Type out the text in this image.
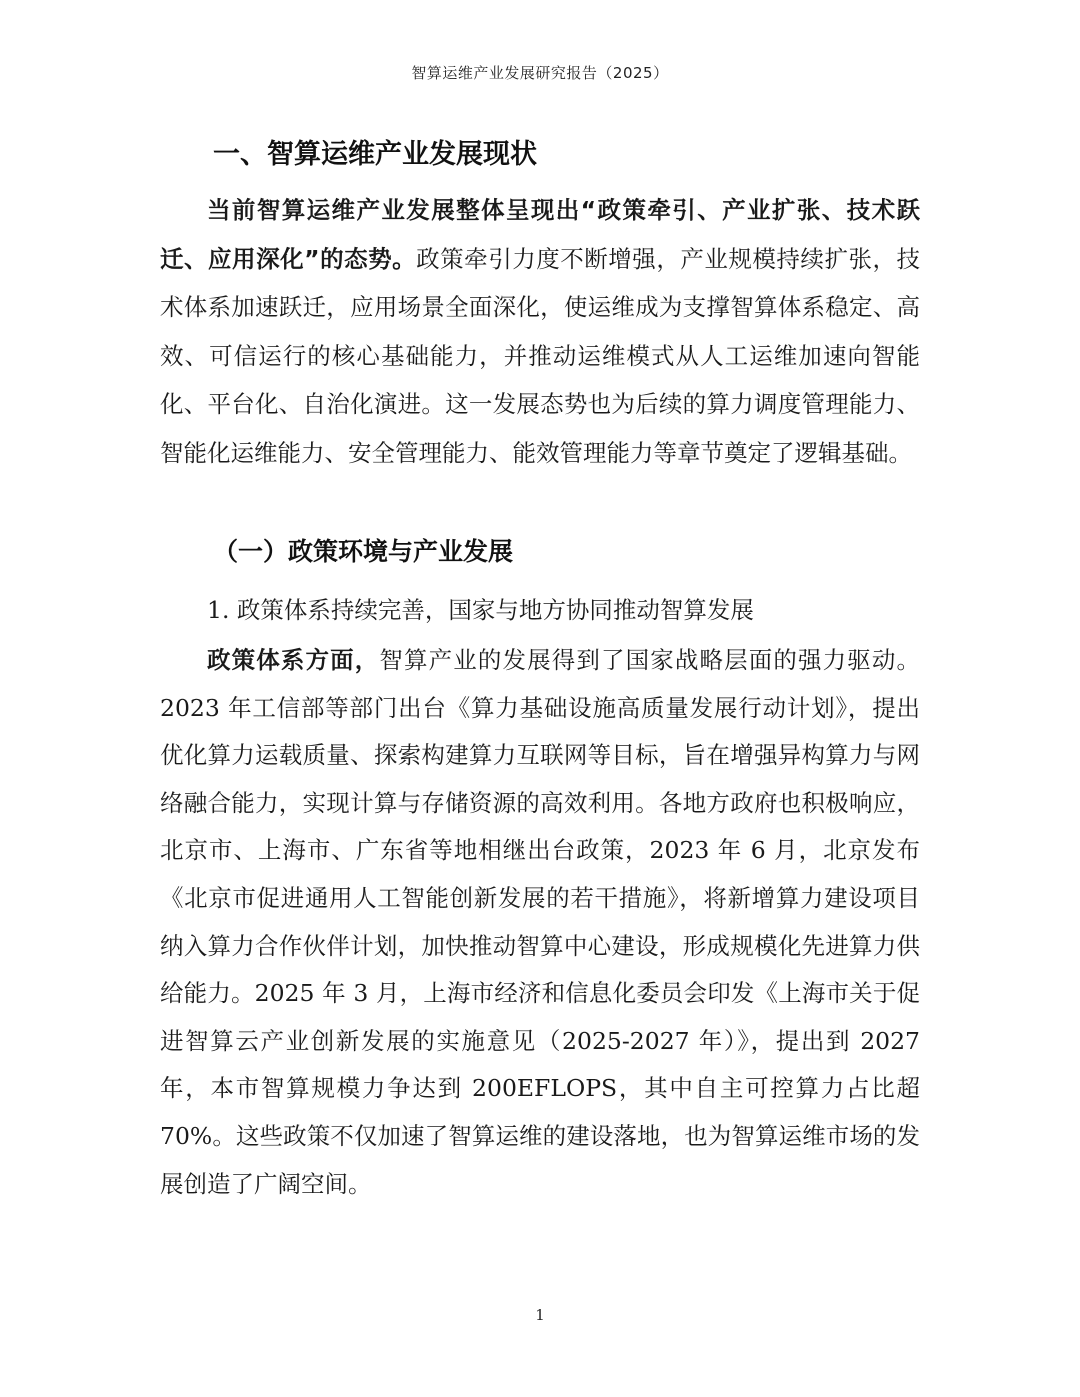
智算运维产业发展研究报告（2025）
一、智算运维产业发展现状

当前智算运维产业发展整体呈现出“政策牵引、产业扩张、技术跃迁、应用深化”的态势。政策牵引力度不断增强，产业规模持续扩张，技术体系加速跃迁，应用场景全面深化，使运维成为支撑智算体系稳定、高效、可信运行的核心基础能力，并推动运维模式从人工运维加速向智能化、平台化、自治化演进。这一发展态势也为后续的算力调度管理能力、智能化运维能力、安全管理能力、能效管理能力等章节奠定了逻辑基础。

（一）政策环境与产业发展
1. 政策体系持续完善，国家与地方协同推动智算发展

政策体系方面，智算产业的发展得到了国家战略层面的强力驱动。2023 年工信部等部门出台《算力基础设施高质量发展行动计划》，提出优化算力运载质量、探索构建算力互联网等目标，旨在增强异构算力与网络融合能力，实现计算与存储资源的高效利用。各地方政府也积极响应，北京市、上海市、广东省等地相继出台政策，2023 年 6 月，北京发布《北京市促进通用人工智能创新发展的若干措施》，将新增算力建设项目纳入算力合作伙伴计划，加快推动智算中心建设，形成规模化先进算力供给能力。2025 年 3 月，上海市经济和信息化委员会印发《上海市关于促进智算云产业创新发展的实施意见（2025-2027 年）》，提出到 2027 年，本市智算规模力争达到 200EFLOPS，其中自主可控算力占比超 70%。这些政策不仅加速了智算运维的建设落地，也为智算运维市场的发展创造了广阔空间。

1
